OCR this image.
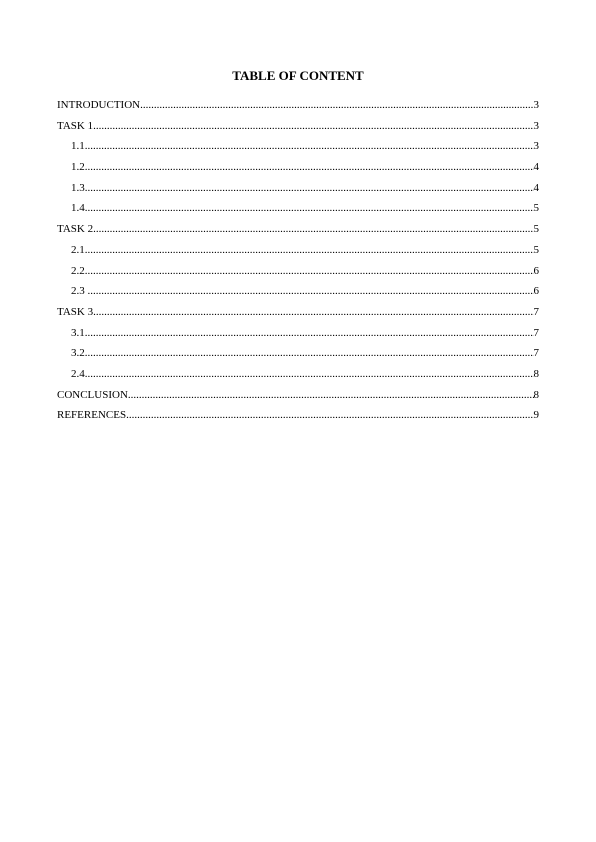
TABLE OF CONTENT
INTRODUCTION .....	3
TASK 1 .....	3
1.1 .....	3
1.2 .....	4
1.3 .....	4
1.4 .....	5
TASK 2 .....	5
2.1 .....	5
2.2 .....	6
2.3 .....	6
TASK 3 .....	7
3.1 .....	7
3.2 .....	7
2.4 .....	8
CONCLUSION .....	8
REFERENCES .....	9
